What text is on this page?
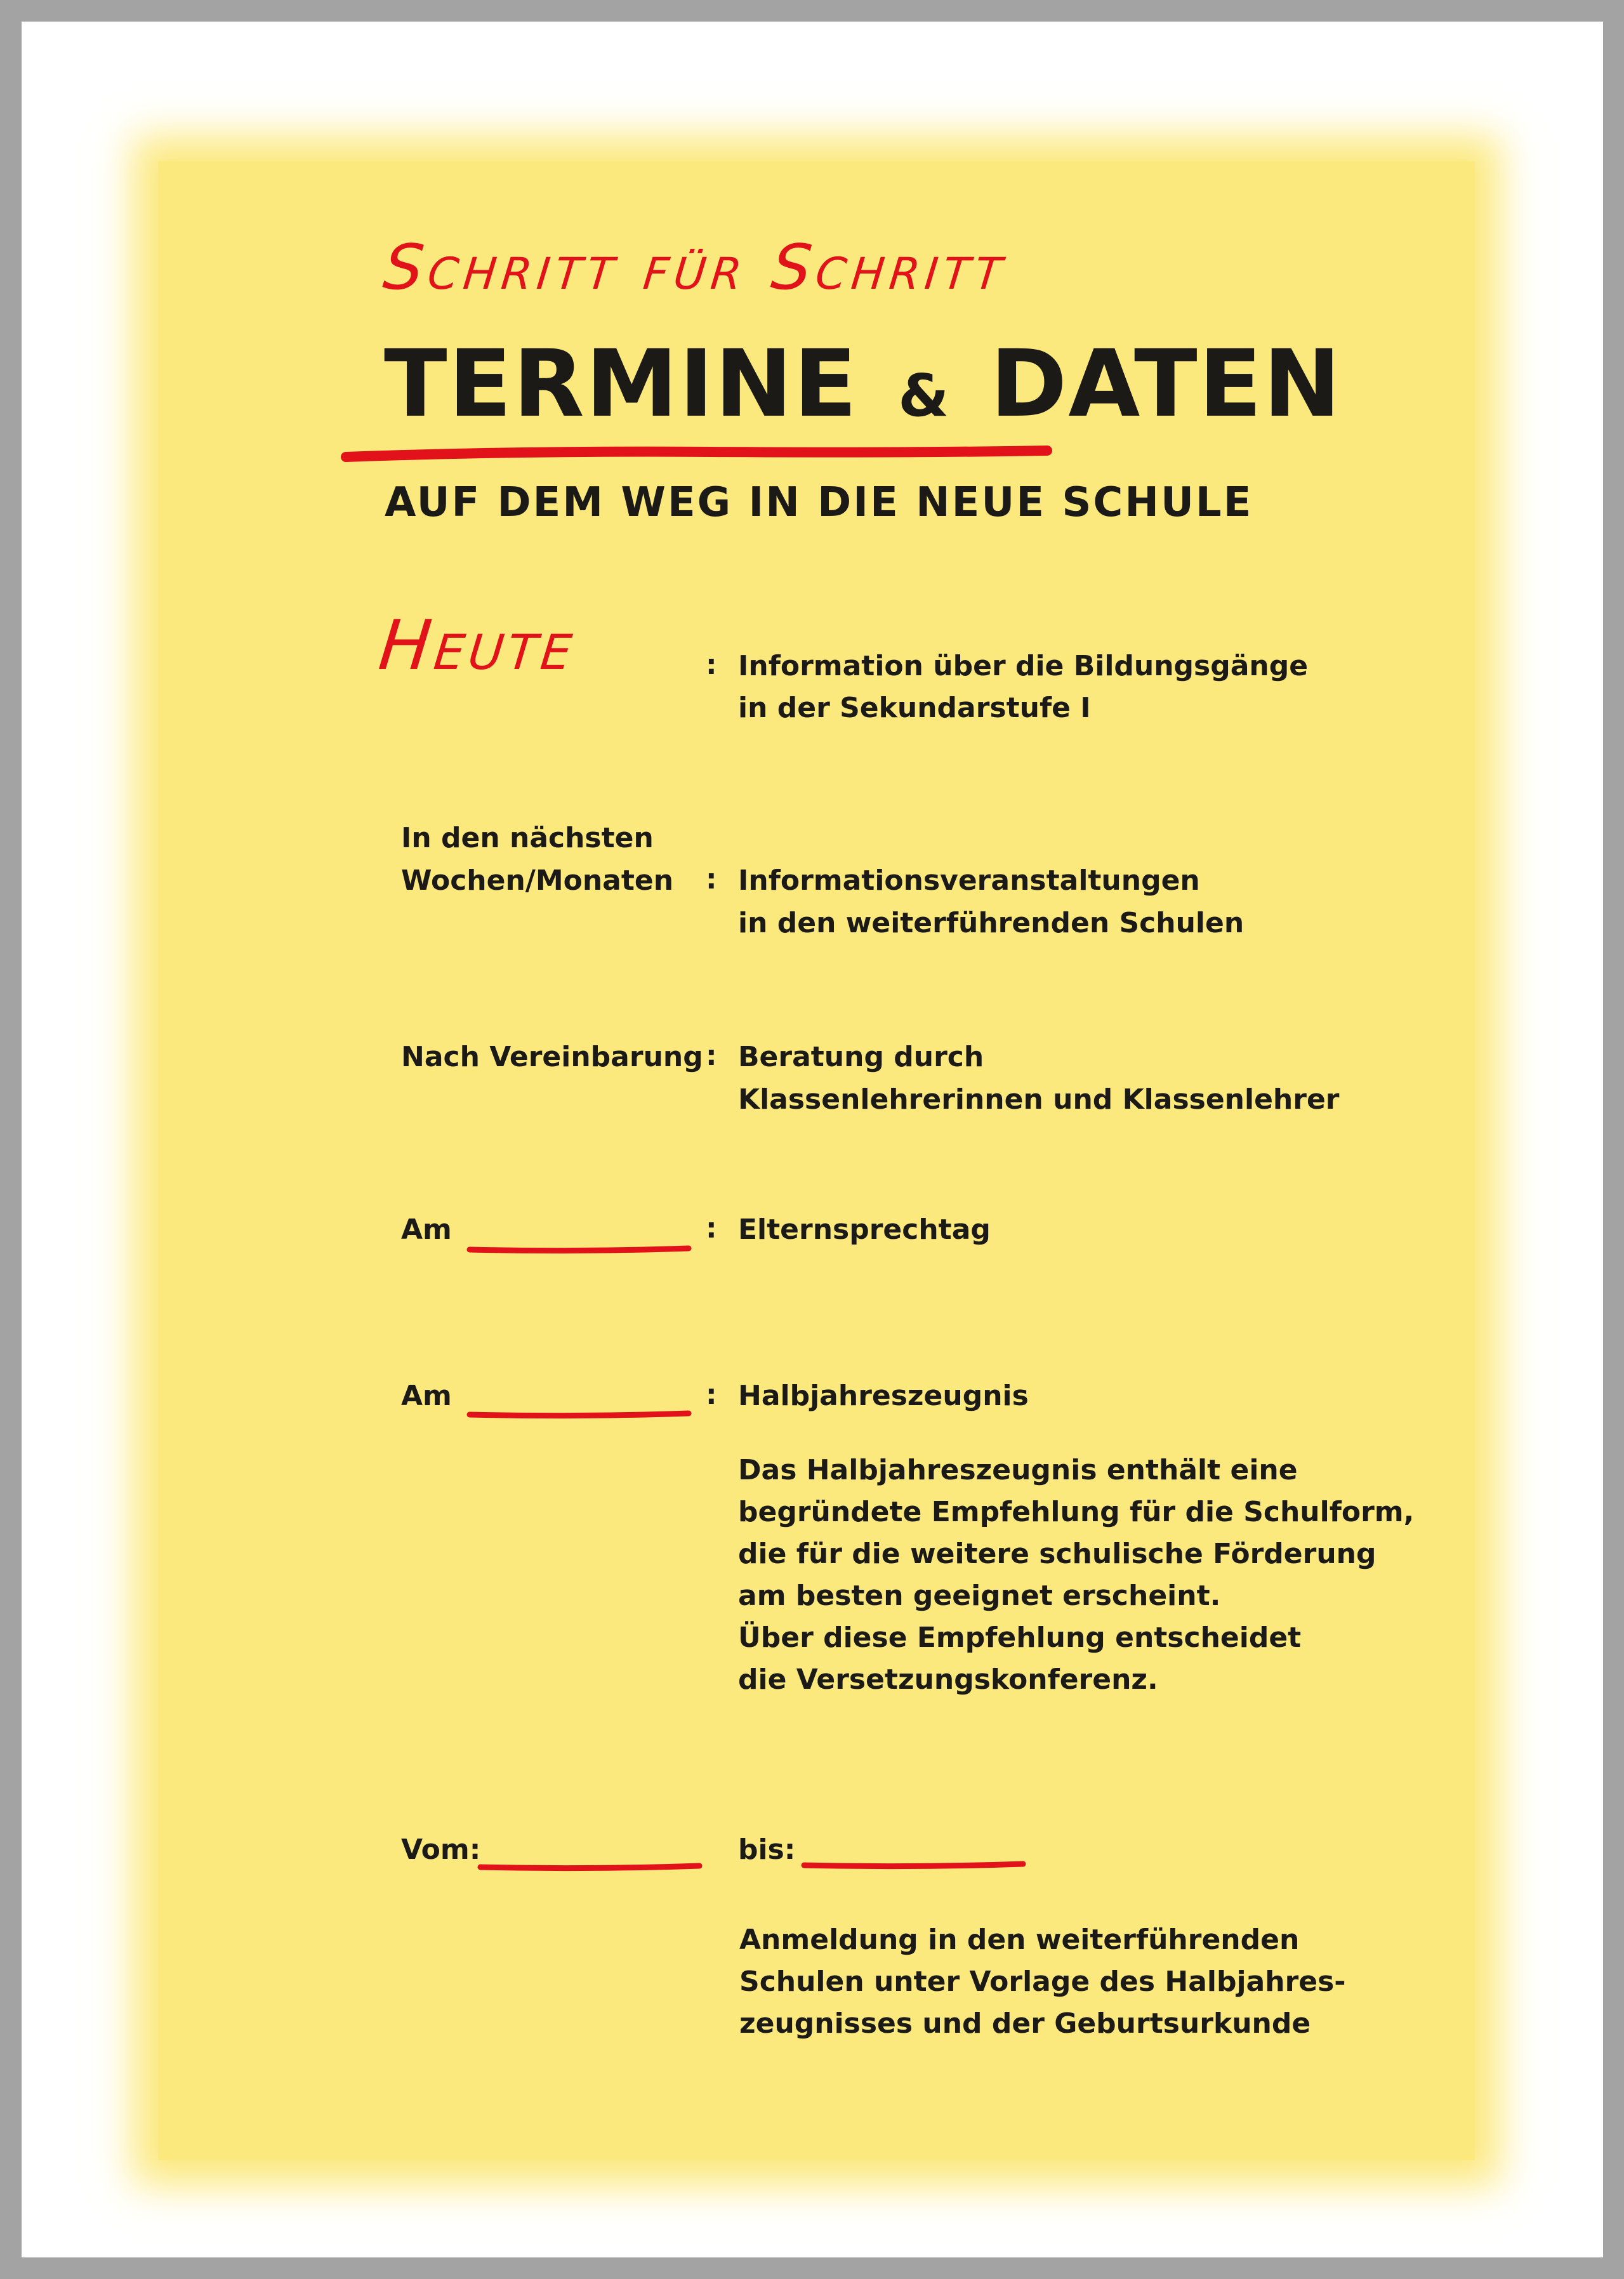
Schritt für Schritt
TERMINE & DATEN
AUF DEM WEG IN DIE NEUE SCHULE
Heute	: Information über die Bildungsgänge
in der Sekundarstufe I
In den nächsten
Wochen/Monaten : Informationsveranstaltungen
in den weiterführenden Schulen
Nach Vereinbarung : Beratung durch
Klassenlehrerinnen und Klassenlehrer
Am	: Elternsprechtag
Am	: Halbjahreszeugnis
Das Halbjahreszeugnis enthält eine
begründete Empfehlung für die Schulform,
die für die weitere schulische Förderung
am besten geeignet erscheint.
Über diese Empfehlung entscheidet
die Versetzungskonferenz.
Vom:	bis:
Anmeldung in den weiterführenden
Schulen unter Vorlage des Halbjahres-
zeugnisses und der Geburtsurkunde
